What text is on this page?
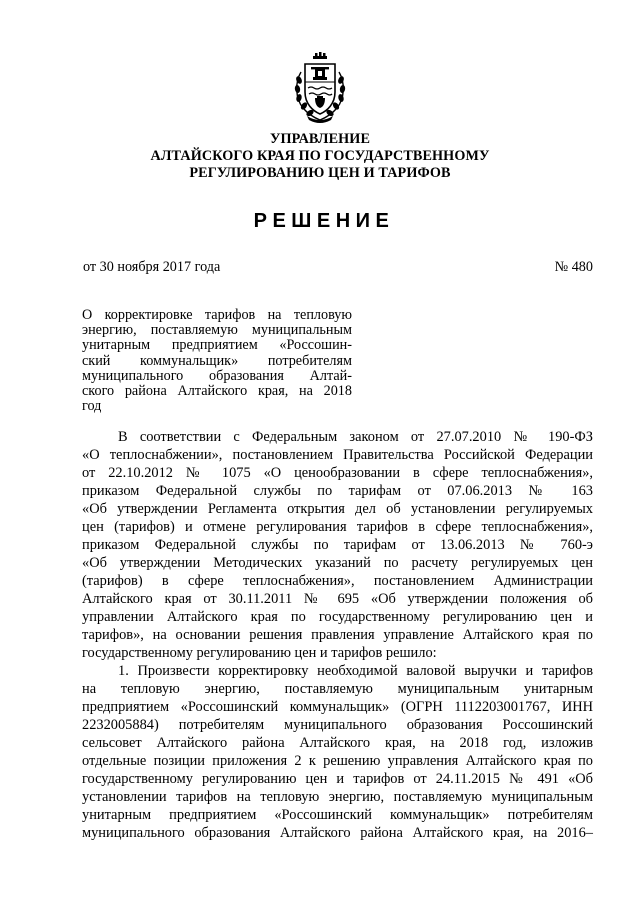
УПРАВЛЕНИЕ
АЛТАЙСКОГО КРАЯ ПО ГОСУДАРСТВЕННОМУ
РЕГУЛИРОВАНИЮ ЦЕН И ТАРИФОВ
РЕШЕНИЕ
от 30 ноября 2017 года	№ 480
О корректировке тарифов на тепловую
энергию, поставляемую муниципальным
унитарным предприятием «Россошин-
ский коммунальщик» потребителям
муниципального образования Алтай-
ского района Алтайского края, на 2018
год
В соответствии с Федеральным законом от 27.07.2010 № 190-ФЗ
«О теплоснабжении», постановлением Правительства Российской Федерации
от 22.10.2012 № 1075 «О ценообразовании в сфере теплоснабжения»,
приказом Федеральной службы по тарифам от 07.06.2013 № 163
«Об утверждении Регламента открытия дел об установлении регулируемых
цен (тарифов) и отмене регулирования тарифов в сфере теплоснабжения»,
приказом Федеральной службы по тарифам от 13.06.2013 № 760-э
«Об утверждении Методических указаний по расчету регулируемых цен
(тарифов) в сфере теплоснабжения», постановлением Администрации
Алтайского края от 30.11.2011 № 695 «Об утверждении положения об
управлении Алтайского края по государственному регулированию цен и
тарифов», на основании решения правления управление Алтайского края по
государственному регулированию цен и тарифов решило:
1. Произвести корректировку необходимой валовой выручки и тарифов
на тепловую энергию, поставляемую муниципальным унитарным
предприятием «Россошинский коммунальщик» (ОГРН 1112203001767, ИНН
2232005884) потребителям муниципального образования Россошинский
сельсовет Алтайского района Алтайского края, на 2018 год, изложив
отдельные позиции приложения 2 к решению управления Алтайского края по
государственному регулированию цен и тарифов от 24.11.2015 № 491 «Об
установлении тарифов на тепловую энергию, поставляемую муниципальным
унитарным предприятием «Россошинский коммунальщик» потребителям
муниципального образования Алтайского района Алтайского края, на 2016–
